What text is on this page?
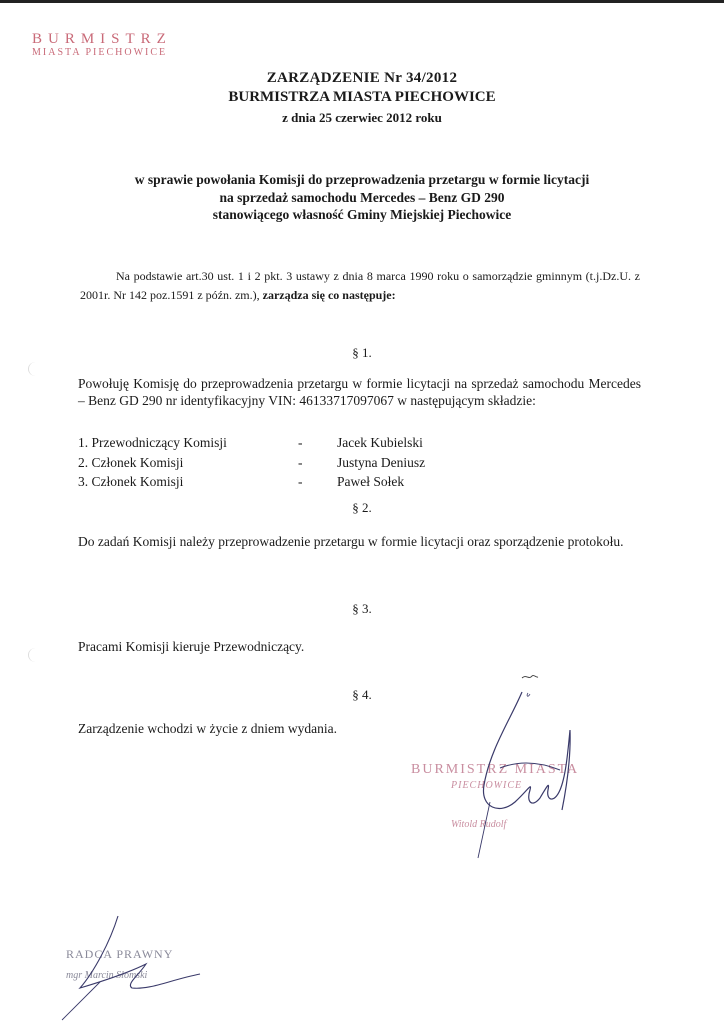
BURMISTRZ
MIASTA PIECHOWICE
ZARZĄDZENIE Nr 34/2012
BURMISTRZA MIASTA PIECHOWICE
z dnia 25 czerwiec 2012 roku
w sprawie powołania Komisji do przeprowadzenia przetargu w formie licytacji
na sprzedaż samochodu Mercedes – Benz GD 290
stanowiącego własność Gminy Miejskiej Piechowice
Na podstawie art.30 ust. 1 i 2 pkt. 3 ustawy z dnia 8 marca 1990 roku o samorządzie gminnym (t.j.Dz.U. z 2001r. Nr 142 poz.1591 z późn. zm.), zarządza się co następuje:
§ 1.
Powołuję Komisję do przeprowadzenia przetargu w formie licytacji na sprzedaż samochodu Mercedes – Benz GD 290 nr identyfikacyjny VIN: 46133717097067 w następującym składzie:
1. Przewodniczący Komisji	-	Jacek Kubielski
2. Członek Komisji	-	Justyna Deniusz
3. Członek Komisji	-	Paweł Sołek
§ 2.
Do zadań Komisji należy przeprowadzenie przetargu w formie licytacji oraz sporządzenie protokołu.
§ 3.
Pracami Komisji kieruje Przewodniczący.
§ 4.
Zarządzenie wchodzi w życie z dniem wydania.
BURMISTRZ MIASTA
PIECHOWICE
Witold Rudolf
RADCA PRAWNY
mgr Marcin Słomski
